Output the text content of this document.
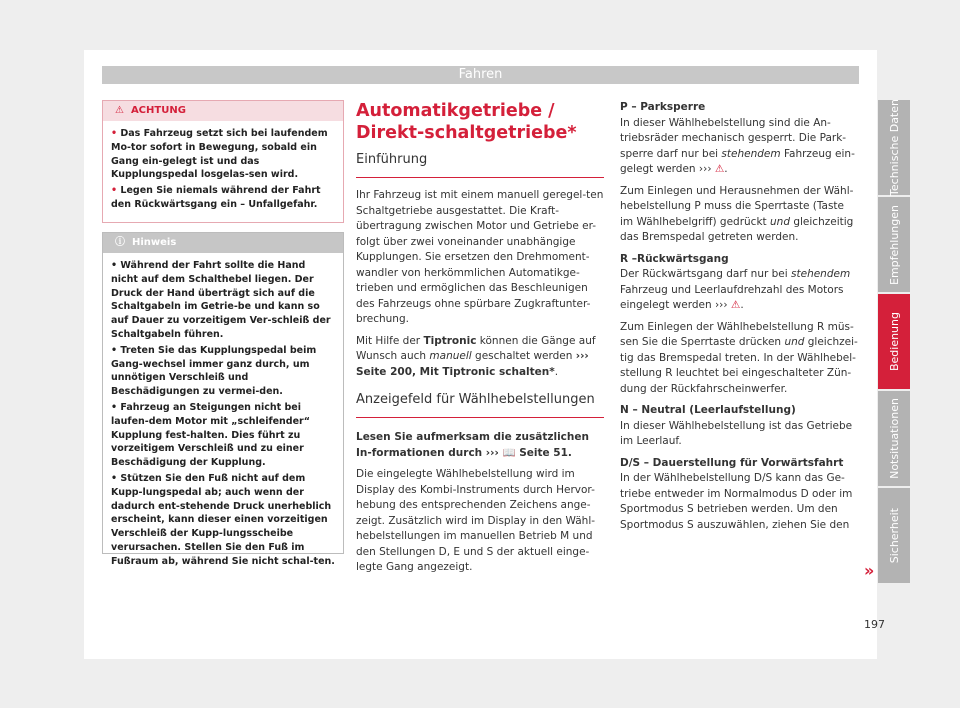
Fahren
Technische Daten
Empfehlungen
Bedienung
Notsituationen
Sicherheit
⚠ ACHTUNG
• Das Fahrzeug setzt sich bei laufendem Mo-tor sofort in Bewegung, sobald ein Gang ein-gelegt ist und das Kupplungspedal losgelas-sen wird.
• Legen Sie niemals während der Fahrt den Rückwärtsgang ein – Unfallgefahr.
ⓘ Hinweis
• Während der Fahrt sollte die Hand nicht auf dem Schalthebel liegen. Der Druck der Hand überträgt sich auf die Schaltgabeln im Getrie-be und kann so auf Dauer zu vorzeitigem Ver-schleiß der Schaltgabeln führen.
• Treten Sie das Kupplungspedal beim Gang-wechsel immer ganz durch, um unnötigen Verschleiß und Beschädigungen zu vermei-den.
• Fahrzeug an Steigungen nicht bei laufen-dem Motor mit „schleifender“ Kupplung fest-halten. Dies führt zu vorzeitigem Verschleiß und zu einer Beschädigung der Kupplung.
• Stützen Sie den Fuß nicht auf dem Kupp-lungspedal ab; auch wenn der dadurch ent-stehende Druck unerheblich erscheint, kann dieser einen vorzeitigen Verschleiß der Kupp-lungsscheibe verursachen. Stellen Sie den Fuß im Fußraum ab, während Sie nicht schal-ten.
Automatikgetriebe / Direkt-schaltgetriebe*
Einführung

Ihr Fahrzeug ist mit einem manuell geregel-ten Schaltgetriebe ausgestattet. Die Kraft-übertragung zwischen Motor und Getriebe er-folgt über zwei voneinander unabhängige Kupplungen. Sie ersetzen den Drehmoment-wandler von herkömmlichen Automatikge-trieben und ermöglichen das Beschleunigen des Fahrzeugs ohne spürbare Zugkraftunter-brechung.

Mit Hilfe der Tiptronic können die Gänge auf Wunsch auch manuell geschaltet werden ››› Seite 200, Mit Tiptronic schalten*.

Anzeigefeld für Wählhebelstellungen

Lesen Sie aufmerksam die zusätzlichen In-formationen durch ››› 📖 Seite 51.

Die eingelegte Wählhebelstellung wird im Display des Kombi-Instruments durch Hervor-hebung des entsprechenden Zeichens ange-zeigt. Zusätzlich wird im Display in den Wähl-hebelstellungen im manuellen Betrieb M und den Stellungen D, E und S der aktuell einge-legte Gang angezeigt.

P – Parksperre

In dieser Wählhebelstellung sind die An-triebsräder mechanisch gesperrt. Die Park-sperre darf nur bei stehendem Fahrzeug ein-gelegt werden ››› ⚠.

Zum Einlegen und Herausnehmen der Wähl-hebelstellung P muss die Sperrtaste (Taste im Wählhebelgriff) gedrückt und gleichzeitig das Bremspedal getreten werden.

R –Rückwärtsgang

Der Rückwärtsgang darf nur bei stehendem Fahrzeug und Leerlaufdrehzahl des Motors eingelegt werden ››› ⚠.

Zum Einlegen der Wählhebelstellung R müs-sen Sie die Sperrtaste drücken und gleichzei-tig das Bremspedal treten. In der Wählhebel-stellung R leuchtet bei eingeschalteter Zün-dung der Rückfahrscheinwerfer.

N – Neutral (Leerlaufstellung)

In dieser Wählhebelstellung ist das Getriebe im Leerlauf.

D/S – Dauerstellung für Vorwärtsfahrt

In der Wählhebelstellung D/S kann das Ge-triebe entweder im Normalmodus D oder im Sportmodus S betrieben werden. Um den Sportmodus S auszuwählen, ziehen Sie den

»
197
